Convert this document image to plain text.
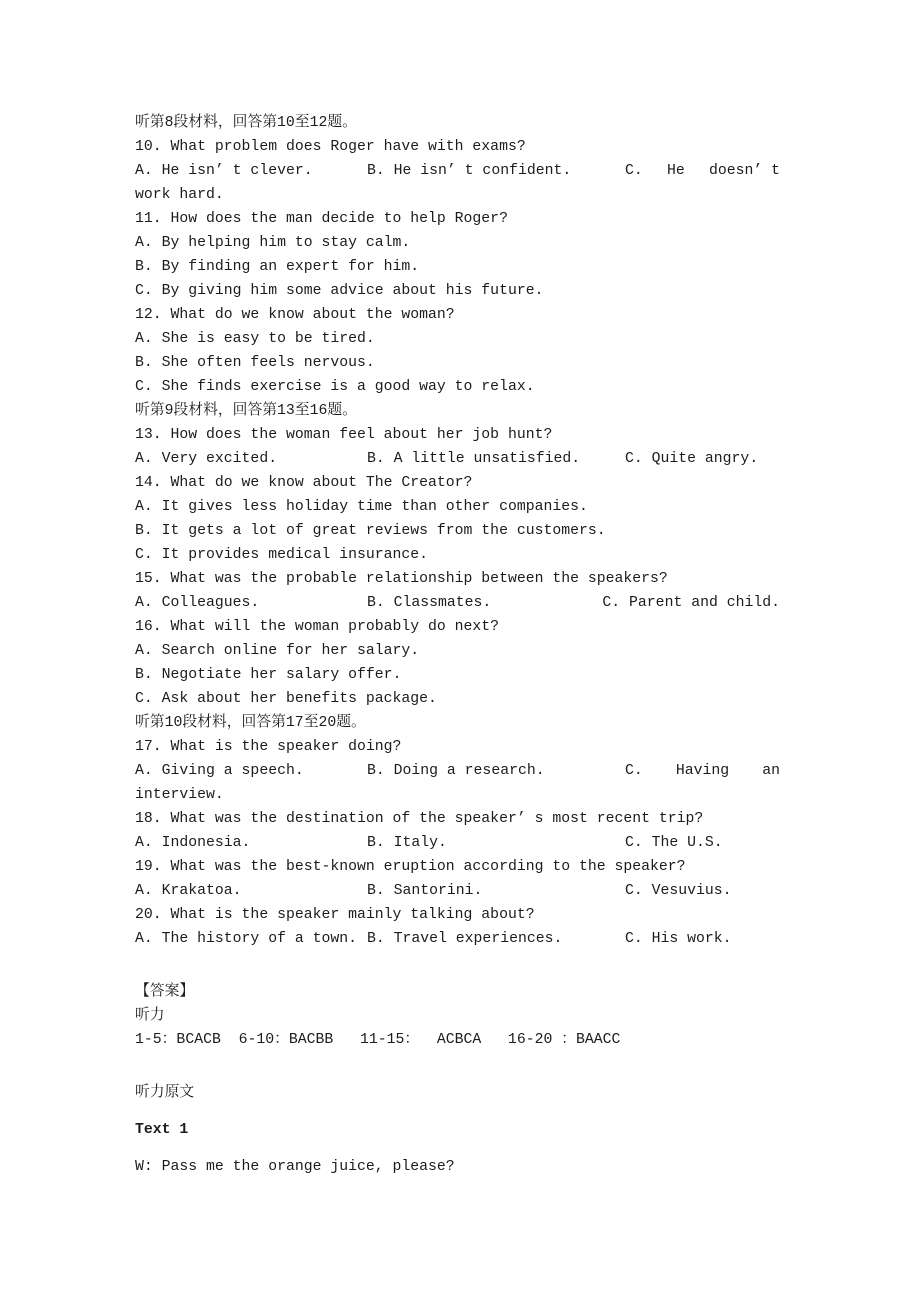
听第8段材料，回答第10至12题。
10. What problem does Roger have with exams?
A. He isn’ t clever.	B. He isn’ t confident.	C. He doesn’ t
work hard.
11. How does the man decide to help Roger?
A. By helping him to stay calm.
B. By finding an expert for him.
C. By giving him some advice about his future.
12. What do we know about the woman?
A. She is easy to be tired.
B. She often feels nervous.
C. She finds exercise is a good way to relax.
听第9段材料，回答第13至16题。
13. How does the woman feel about her job hunt?
A. Very excited.	B. A little unsatisfied.	C. Quite angry.
14. What do we know about The Creator?
A. It gives less holiday time than other companies.
B. It gets a lot of great reviews from the customers.
C. It provides medical insurance.
15. What was the probable relationship between the speakers?
A. Colleagues.	B. Classmates.	C. Parent and child.
16. What will the woman probably do next?
A. Search online for her salary.
B. Negotiate her salary offer.
C. Ask about her benefits package.
听第10段材料，回答第17至20题。
17. What is the speaker doing?
A. Giving a speech.	B. Doing a research.	C. Having an
interview.
18. What was the destination of the speaker’ s most recent trip?
A. Indonesia.	B. Italy.	C. The U.S.
19. What was the best-known eruption according to the speaker?
A. Krakatoa.	B. Santorini.	C. Vesuvius.
20. What is the speaker mainly talking about?
A. The history of a town. B. Travel experiences.	C. His work.
【答案】
听力
1-5：BCACB  6-10：BACBB   11-15：  ACBCA   16-20 ：BAACC
听力原文
Text 1
W: Pass me the orange juice, please?
